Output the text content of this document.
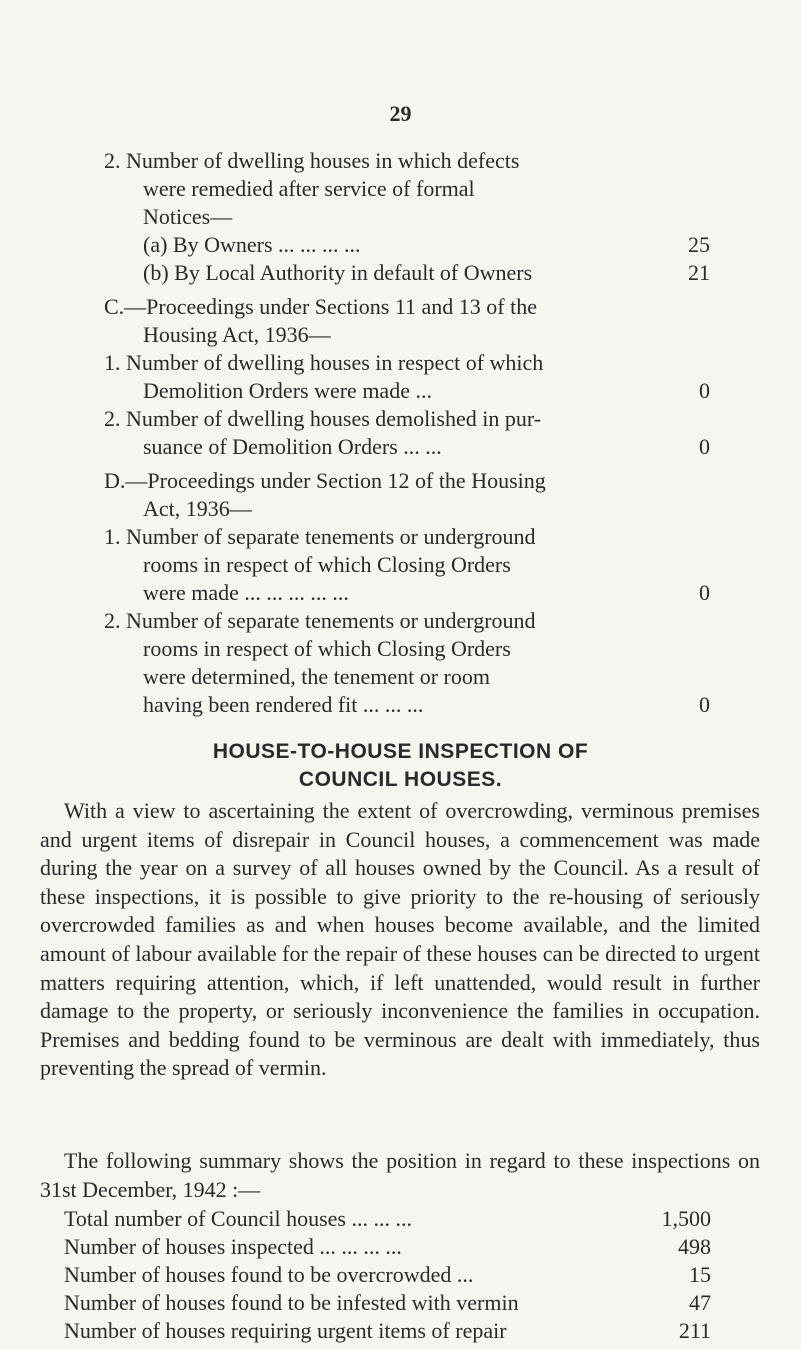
29
2. Number of dwelling houses in which defects
were remedied after service of formal
Notices—
(a) By Owners ... ... ... ...	25
(b) By Local Authority in default of Owners	21
C.—Proceedings under Sections 11 and 13 of the
Housing Act, 1936—
1. Number of dwelling houses in respect of which
Demolition Orders were made ...	0
2. Number of dwelling houses demolished in pur-
suance of Demolition Orders ... ...	0
D.—Proceedings under Section 12 of the Housing
Act, 1936—
1. Number of separate tenements or underground
rooms in respect of which Closing Orders
were made ... ... ... ... ...	0
2. Number of separate tenements or underground
rooms in respect of which Closing Orders
were determined, the tenement or room
having been rendered fit ... ... ...	0
HOUSE-TO-HOUSE INSPECTION OF
COUNCIL HOUSES.
With a view to ascertaining the extent of overcrowding, verminous premises and urgent items of disrepair in Council houses, a commencement was made during the year on a survey of all houses owned by the Council. As a result of these inspections, it is possible to give priority to the re-housing of seriously overcrowded families as and when houses become available, and the limited amount of labour available for the repair of these houses can be directed to urgent matters requiring attention, which, if left unattended, would result in further damage to the property, or seriously inconvenience the families in occupation. Premises and bedding found to be verminous are dealt with immediately, thus preventing the spread of vermin.
The following summary shows the position in regard to these inspections on 31st December, 1942 :—
Total number of Council houses ... ... ...	1,500
Number of houses inspected ... ... ... ...	498
Number of houses found to be overcrowded ...	15
Number of houses found to be infested with vermin	47
Number of houses requiring urgent items of repair	211
